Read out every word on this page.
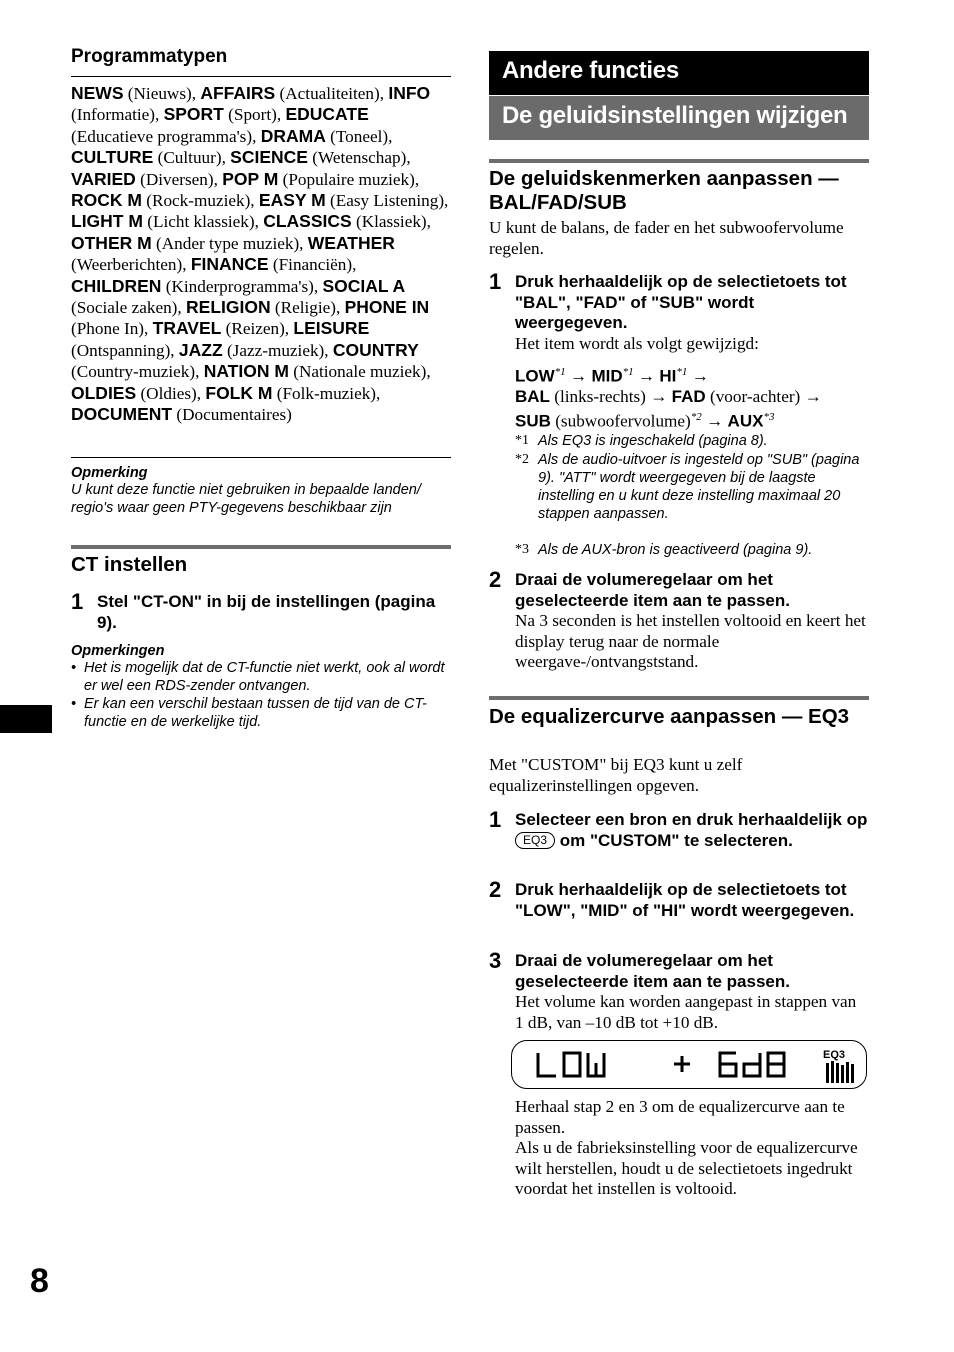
Programmatypen
NEWS (Nieuws), AFFAIRS (Actualiteiten), INFO (Informatie), SPORT (Sport), EDUCATE (Educatieve programma's), DRAMA (Toneel), CULTURE (Cultuur), SCIENCE (Wetenschap), VARIED (Diversen), POP M (Populaire muziek), ROCK M (Rock-muziek), EASY M (Easy Listening), LIGHT M (Licht klassiek), CLASSICS (Klassiek), OTHER M (Ander type muziek), WEATHER (Weerberichten), FINANCE (Financiën), CHILDREN (Kinderprogramma's), SOCIAL A (Sociale zaken), RELIGION (Religie), PHONE IN (Phone In), TRAVEL (Reizen), LEISURE (Ontspanning), JAZZ (Jazz-muziek), COUNTRY (Country-muziek), NATION M (Nationale muziek), OLDIES (Oldies), FOLK M (Folk-muziek), DOCUMENT (Documentaires)
Opmerking
U kunt deze functie niet gebruiken in bepaalde landen/ regio's waar geen PTY-gegevens beschikbaar zijn
CT instellen
1 Stel "CT-ON" in bij de instellingen (pagina 9).
Opmerkingen
• Het is mogelijk dat de CT-functie niet werkt, ook al wordt er wel een RDS-zender ontvangen.
• Er kan een verschil bestaan tussen de tijd van de CT-functie en de werkelijke tijd.
Andere functies
De geluidsinstellingen wijzigen
De geluidskenmerken aanpassen — BAL/FAD/SUB
U kunt de balans, de fader en het subwoofervolume regelen.
1 Druk herhaaldelijk op de selectietoets tot "BAL", "FAD" of "SUB" wordt weergegeven.
Het item wordt als volgt gewijzigd:
$LOW^{*1} \to MID^{*1} \to HI^{*1}$ →
BAL (links-rechts) → FAD (voor-achter) →
SUB (subwoofervolume)$^{*2}$ → $AUX^{*3}$
*1 Als EQ3 is ingeschakeld (pagina 8).
*2 Als de audio-uitvoer is ingesteld op "SUB" (pagina 9). "ATT" wordt weergegeven bij de laagste instelling en u kunt deze instelling maximaal 20 stappen aanpassen.
*3 Als de AUX-bron is geactiveerd (pagina 9).
2 Draai de volumeregelaar om het geselecteerde item aan te passen.
Na 3 seconden is het instellen voltooid en keert het display terug naar de normale weergave-/ontvangststand.
De equalizercurve aanpassen — EQ3
Met "CUSTOM" bij EQ3 kunt u zelf equalizerinstellingen opgeven.
1 Selecteer een bron en druk herhaaldelijk op EQ3 om "CUSTOM" te selecteren.
2 Druk herhaaldelijk op de selectietoets tot "LOW", "MID" of "HI" wordt weergegeven.
3 Draai de volumeregelaar om het geselecteerde item aan te passen.
Het volume kan worden aangepast in stappen van 1 dB, van –10 dB tot +10 dB.
Herhaal stap 2 en 3 om de equalizercurve aan te passen.
Als u de fabrieksinstelling voor de equalizercurve wilt herstellen, houdt u de selectietoets ingedrukt voordat het instellen is voltooid.
EQ3
8
